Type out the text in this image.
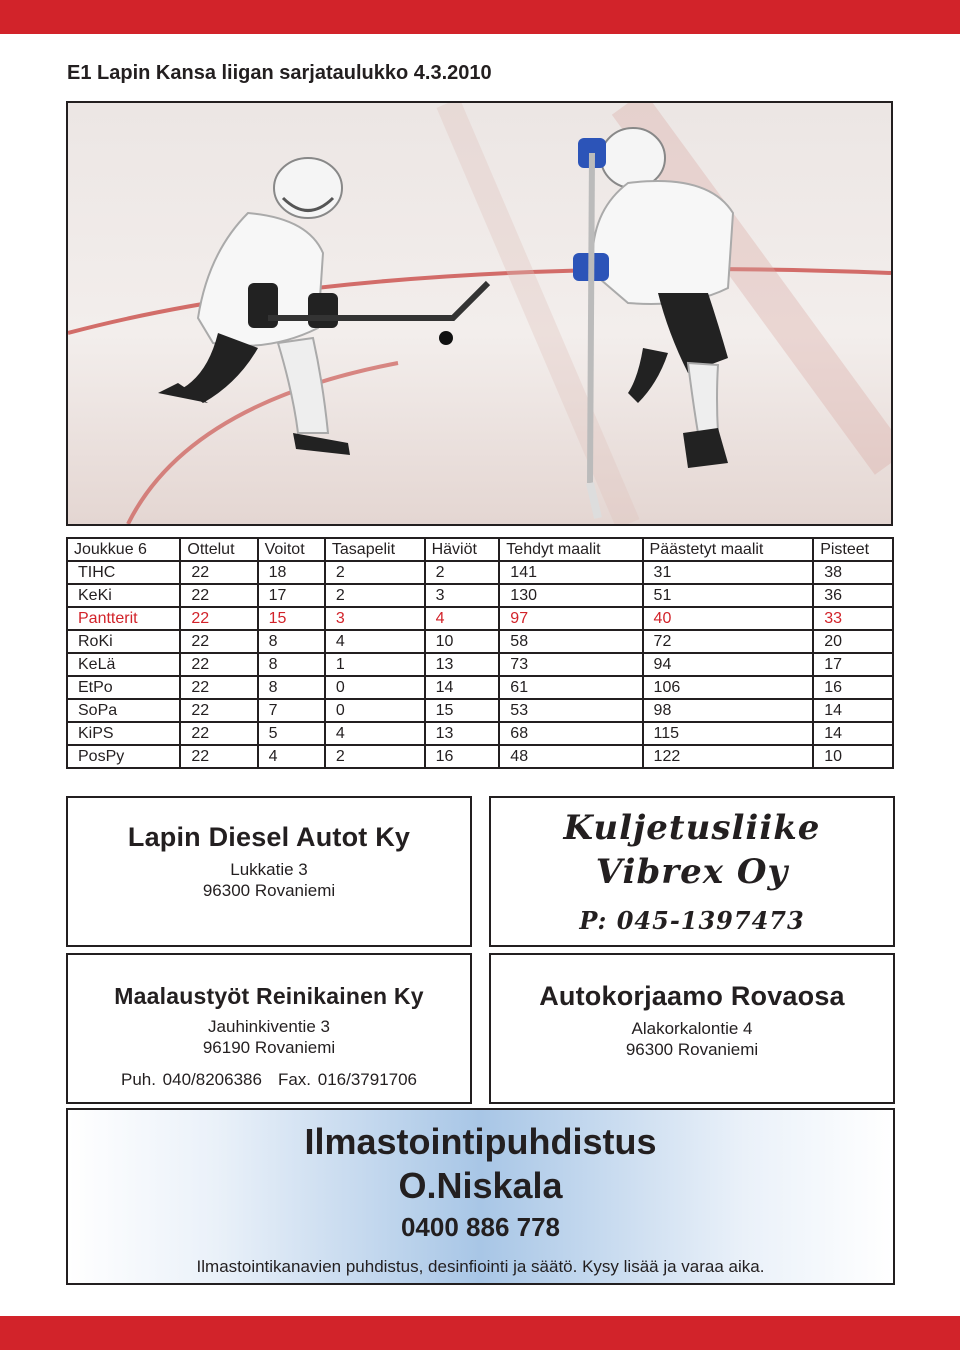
E1 Lapin Kansa liigan sarjataulukko 4.3.2010
Joukkue 6	Ottelut	Voitot	Tasapelit	Häviöt	Tehdyt maalit	Päästetyt maalit	Pisteet
TIHC	22	18	2	2	141	31	38
KeKi	22	17	2	3	130	51	36
Pantterit	22	15	3	4	97	40	33
RoKi	22	8	4	10	58	72	20
KeLä	22	8	1	13	73	94	17
EtPo	22	8	0	14	61	106	16
SoPa	22	7	0	15	53	98	14
KiPS	22	5	4	13	68	115	14
PosPy	22	4	2	16	48	122	10
Lapin Diesel Autot Ky
Lukkatie 3
96300 Rovaniemi
Kuljetusliike
Vibrex Oy
P: 045-1397473
Maalaustyöt Reinikainen Ky
Jauhinkiventie 3
96190 Rovaniemi
Puh. 040/8206386 Fax. 016/3791706
Autokorjaamo Rovaosa
Alakorkalontie 4
96300 Rovaniemi
Ilmastointipuhdistus
O.Niskala
0400 886 778
Ilmastointikanavien puhdistus, desinfiointi ja säätö. Kysy lisää ja varaa aika.
